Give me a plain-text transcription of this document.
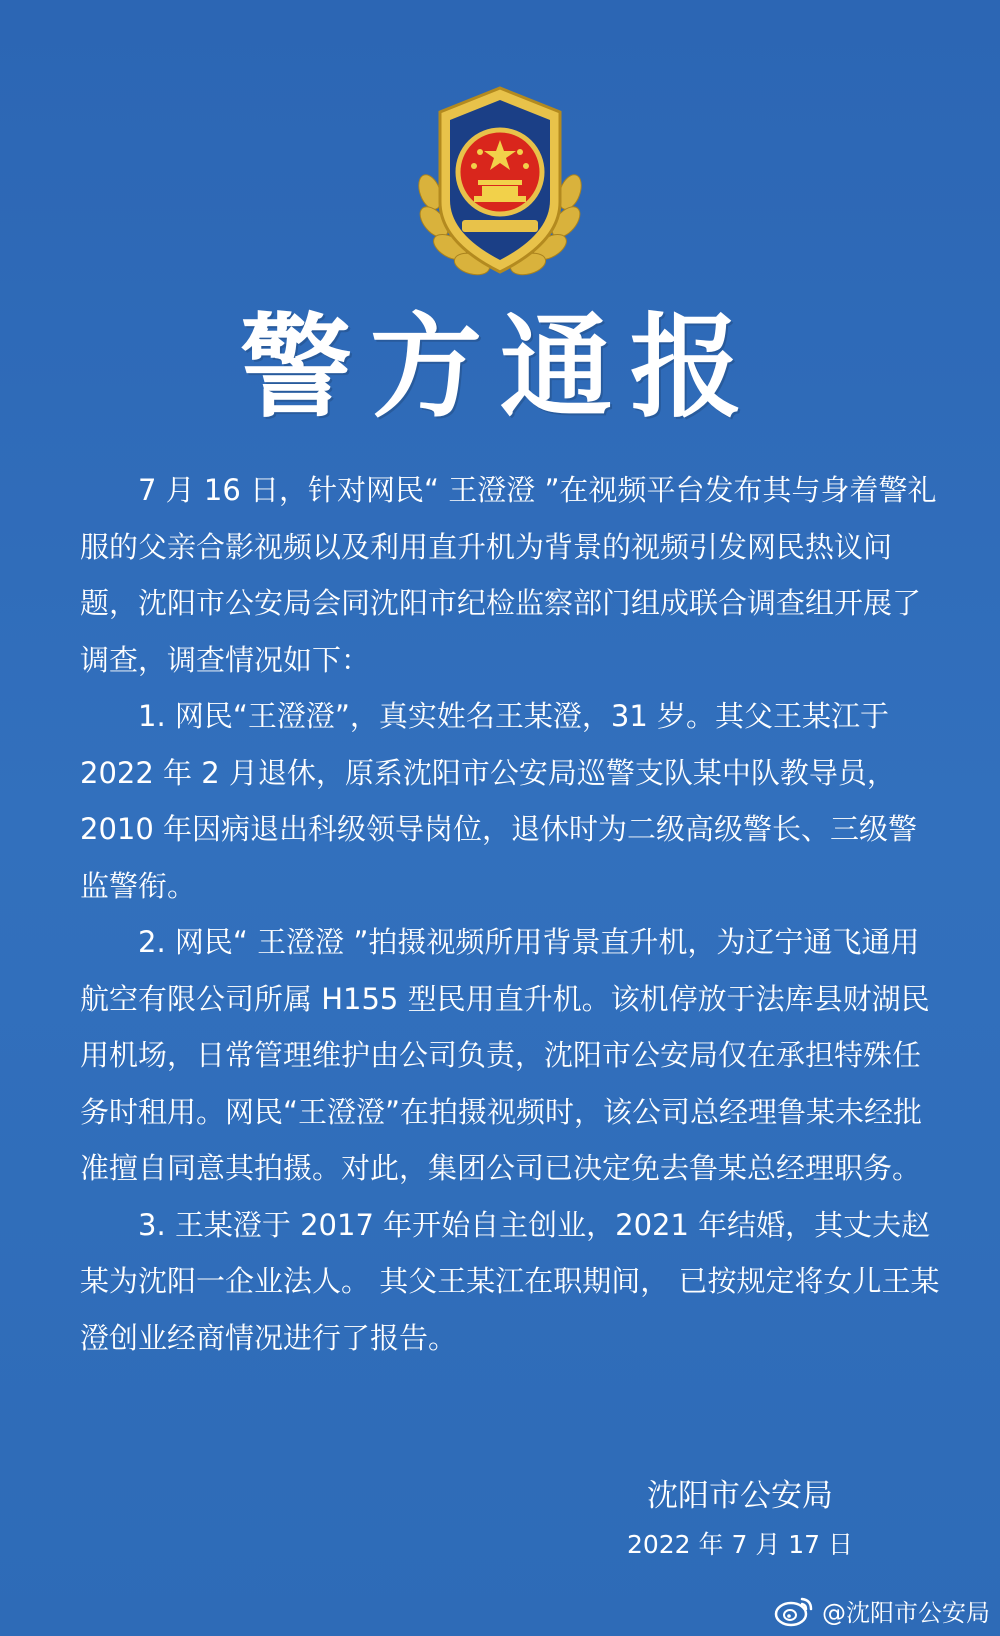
警方通报

7 月 16 日，针对网民“ 王澄澄 ”在视频平台发布其与身着警礼服的父亲合影视频以及利用直升机为背景的视频引发网民热议问题，沈阳市公安局会同沈阳市纪检监察部门组成联合调查组开展了调查，调查情况如下：

1. 网民“王澄澄”，真实姓名王某澄，31 岁。其父王某江于 2022 年 2 月退休，原系沈阳市公安局巡警支队某中队教导员，2010 年因病退出科级领导岗位，退休时为二级高级警长、三级警监警衔。

2. 网民“ 王澄澄 ”拍摄视频所用背景直升机，为辽宁通飞通用航空有限公司所属 H155 型民用直升机。该机停放于法库县财湖民用机场，日常管理维护由公司负责，沈阳市公安局仅在承担特殊任务时租用。网民“王澄澄”在拍摄视频时，该公司总经理鲁某未经批准擅自同意其拍摄。对此，集团公司已决定免去鲁某总经理职务。

3. 王某澄于 2017 年开始自主创业，2021 年结婚，其丈夫赵某为沈阳一企业法人。 其父王某江在职期间， 已按规定将女儿王某澄创业经商情况进行了报告。

沈阳市公安局
2022 年 7 月 17 日
@沈阳市公安局
